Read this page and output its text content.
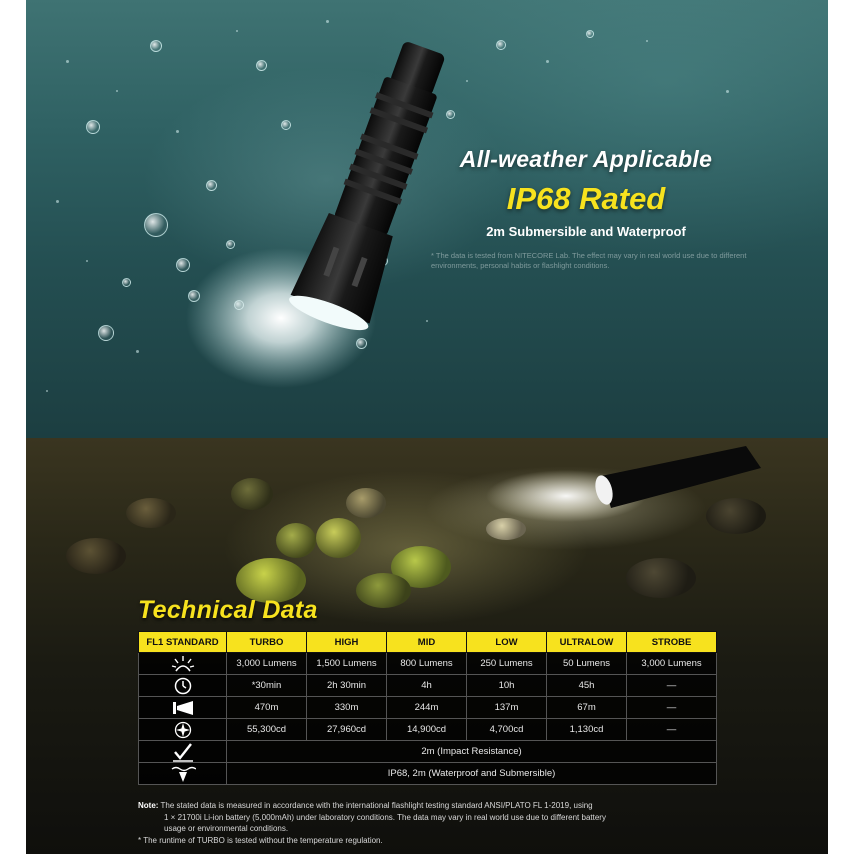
All-weather Applicable
IP68 Rated
2m Submersible and Waterproof
* The data is tested from NITECORE Lab. The effect may vary in real world use due to different environments, personal habits or flashlight conditions.
Technical Data
FL1 STANDARD	TURBO	HIGH	MID	LOW	ULTRALOW	STROBE

	3,000 Lumens	1,500 Lumens	800 Lumens	250 Lumens	50 Lumens	3,000 Lumens

	*30min	2h 30min	4h	10h	45h	—

	470m	330m	244m	137m	67m	—

	55,300cd	27,960cd	14,900cd	4,700cd	1,130cd	—

	2m (Impact Resistance)					

	IP68, 2m (Waterproof and Submersible)					
Note: The stated data is measured in accordance with the international flashlight testing standard ANSI/PLATO FL 1-2019, using
1 × 21700i Li-ion battery (5,000mAh) under laboratory conditions. The data may vary in real world use due to different battery
usage or environmental conditions.
* The runtime of TURBO is tested without the temperature regulation.
